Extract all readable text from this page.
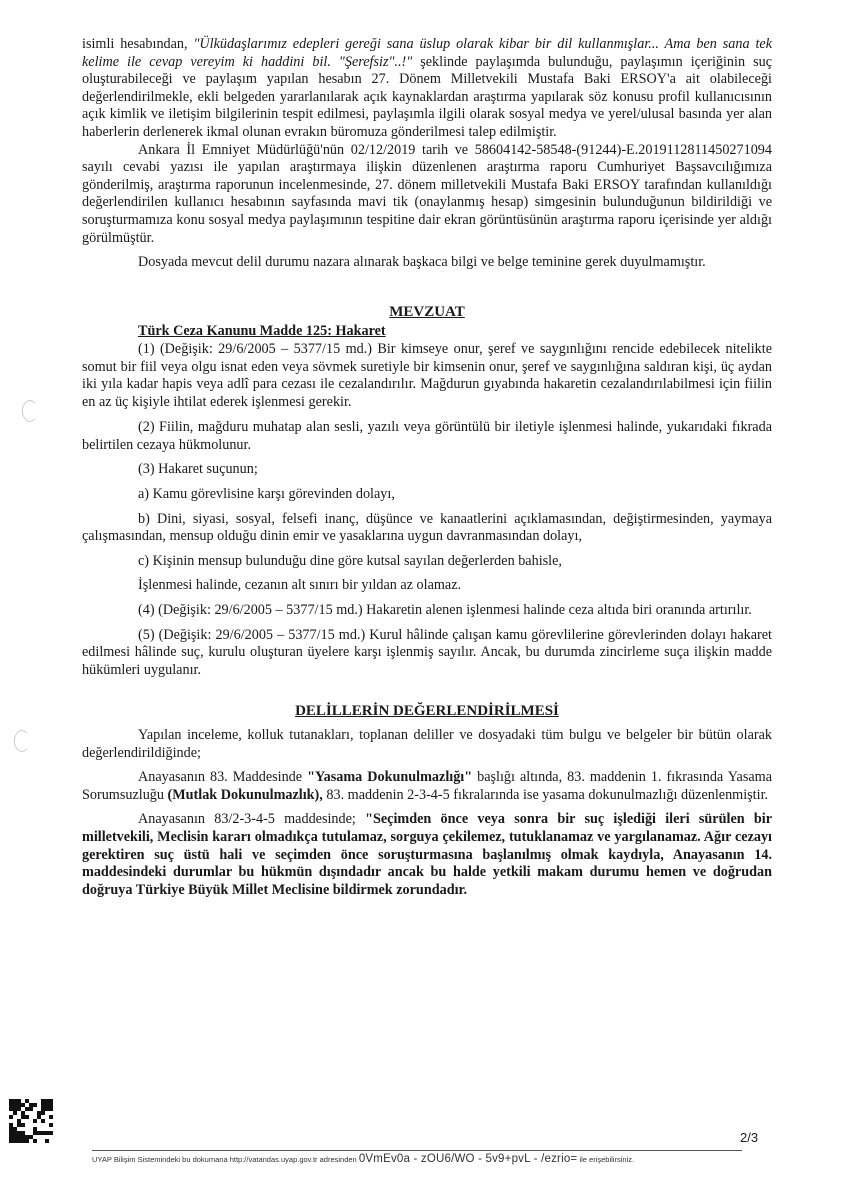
isimli hesabından, "Ülküdaşlarımız edepleri gereği sana üslup olarak kibar bir dil kullanmışlar... Ama ben sana tek kelime ile cevap vereyim ki haddini bil. "Şerefsiz"..!" şeklinde paylaşımda bulunduğu, paylaşımın içeriğinin suç oluşturabileceği ve paylaşım yapılan hesabın 27. Dönem Milletvekili Mustafa Baki ERSOY'a ait olabileceği değerlendirilmekle, ekli belgeden yararlanılarak açık kaynaklardan araştırma yapılarak söz konusu profil kullanıcısının açık kimlik ve iletişim bilgilerinin tespit edilmesi, paylaşımla ilgili olarak sosyal medya ve yerel/ulusal basında yer alan haberlerin derlenerek ikmal olunan evrakın büromuza gönderilmesi talep edilmiştir.

Ankara İl Emniyet Müdürlüğü'nün 02/12/2019 tarih ve 58604142-58548-(91244)-E.2019112811450271094 sayılı cevabi yazısı ile yapılan araştırmaya ilişkin düzenlenen araştırma raporu Cumhuriyet Başsavcılığımıza gönderilmiş, araştırma raporunun incelenmesinde, 27. dönem milletvekili Mustafa Baki ERSOY tarafından kullanıldığı değerlendirilen kullanıcı hesabının sayfasında mavi tik (onaylanmış hesap) simgesinin bulunduğunun bildirildiği ve soruşturmamıza konu sosyal medya paylaşımının tespitine dair ekran görüntüsünün araştırma raporu içerisinde yer aldığı görülmüştür.

Dosyada mevcut delil durumu nazara alınarak başkaca bilgi ve belge teminine gerek duyulmamıştır.

MEVZUAT
Türk Ceza Kanunu Madde 125: Hakaret

(1) (Değişik: 29/6/2005 – 5377/15 md.) Bir kimseye onur, şeref ve saygınlığını rencide edebilecek nitelikte somut bir fiil veya olgu isnat eden veya sövmek suretiyle bir kimsenin onur, şeref ve saygınlığına saldıran kişi, üç aydan iki yıla kadar hapis veya adlî para cezası ile cezalandırılır. Mağdurun gıyabında hakaretin cezalandırılabilmesi için fiilin en az üç kişiyle ihtilat ederek işlenmesi gerekir.

(2) Fiilin, mağduru muhatap alan sesli, yazılı veya görüntülü bir iletiyle işlenmesi halinde, yukarıdaki fıkrada belirtilen cezaya hükmolunur.

(3) Hakaret suçunun;

a) Kamu görevlisine karşı görevinden dolayı,

b) Dini, siyasi, sosyal, felsefi inanç, düşünce ve kanaatlerini açıklamasından, değiştirmesinden, yaymaya çalışmasından, mensup olduğu dinin emir ve yasaklarına uygun davranmasından dolayı,

c) Kişinin mensup bulunduğu dine göre kutsal sayılan değerlerden bahisle,

İşlenmesi halinde, cezanın alt sınırı bir yıldan az olamaz.

(4) (Değişik: 29/6/2005 – 5377/15 md.) Hakaretin alenen işlenmesi halinde ceza altıda biri oranında artırılır.

(5) (Değişik: 29/6/2005 – 5377/15 md.) Kurul hâlinde çalışan kamu görevlilerine görevlerinden dolayı hakaret edilmesi hâlinde suç, kurulu oluşturan üyelere karşı işlenmiş sayılır. Ancak, bu durumda zincirleme suça ilişkin madde hükümleri uygulanır.

DELİLLERİN DEĞERLENDİRİLMESİ

Yapılan inceleme, kolluk tutanakları, toplanan deliller ve dosyadaki tüm bulgu ve belgeler bir bütün olarak değerlendirildiğinde;

Anayasanın 83. Maddesinde "Yasama Dokunulmazlığı" başlığı altında, 83. maddenin 1. fıkrasında Yasama Sorumsuzluğu (Mutlak Dokunulmazlık), 83. maddenin 2-3-4-5 fıkralarında ise yasama dokunulmazlığı düzenlenmiştir.

Anayasanın 83/2-3-4-5 maddesinde; "Seçimden önce veya sonra bir suç işlediği ileri sürülen bir milletvekili, Meclisin kararı olmadıkça tutulamaz, sorguya çekilemez, tutuklanamaz ve yargılanamaz. Ağır cezayı gerektiren suç üstü hali ve seçimden önce soruşturmasına başlanılmış olmak kaydıyla, Anayasanın 14. maddesindeki durumlar bu hükmün dışındadır ancak bu halde yetkili makam durumu hemen ve doğrudan doğruya Türkiye Büyük Millet Meclisine bildirmek zorundadır.

2/3
UYAP Bilişim Sistemindeki bu dokumana http://vatandas.uyap.gov.tr adresinden 0VmEv0a - zOU6/WO - 5v9+pvL - /ezrio= ile erişebilirsiniz.
